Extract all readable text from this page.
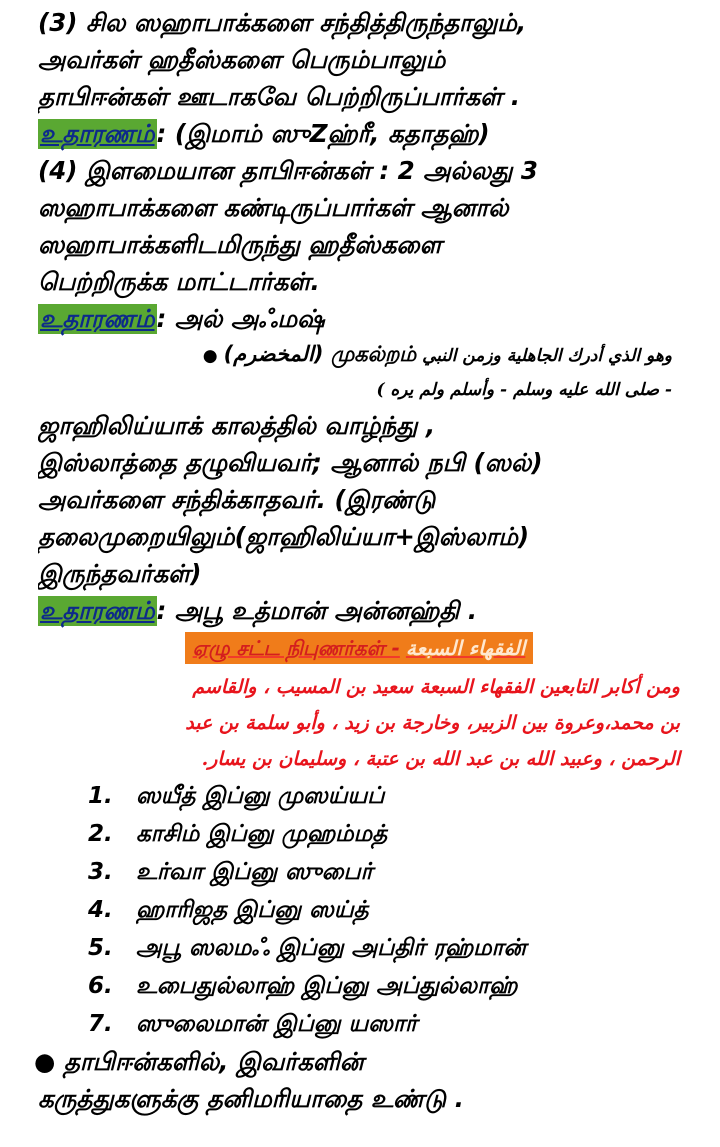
(3) சில ஸஹாபாக்களை சந்தித்திருந்தாலும்,
அவர்கள் ஹதீஸ்களை பெரும்பாலும்
தாபிஈன்கள் ஊடாகவே பெற்றிருப்பார்கள் .
உதாரணம்: (இமாம் ஸுZஹ்ரீ, கதாதஹ்)
(4) இளமையான தாபிஈன்கள் : 2 அல்லது 3
ஸஹாபாக்களை கண்டிருப்பார்கள் ஆனால்
ஸஹாபாக்களிடமிருந்து ஹதீஸ்களை
பெற்றிருக்க மாட்டார்கள்.
உதாரணம்: அல் அஃமஷ்
وهو الذي أدرك الجاهلية وزمن النبي முகல்றம் (المخضرم) ●
- صلى الله عليه وسلم - وأسلم ولم يره )
ஜாஹிலிய்யாக் காலத்தில் வாழ்ந்து ,
இஸ்லாத்தை தழுவியவர்; ஆனால் நபி (ஸல்)
அவர்களை சந்திக்காதவர். (இரண்டு
தலைமுறையிலும்(ஜாஹிலிய்யா+இஸ்லாம்)
இருந்தவர்கள்)
உதாரணம்: அபூ உத்மான் அன்னஹ்தி .
ஏழு சட்ட நிபுணர்கள் - الفقهاء السبعة
ومن أكابر التابعين الفقهاء السبعة سعيد بن المسيب ، والقاسم
بن محمد،وعروة بين الزبير، وخارجة بن زيد ، وأبو سلمة بن عبد
الرحمن ، وعبيد الله بن عبد الله بن عتبة ، وسليمان بن يسار.
1. ஸயீத் இப்னு முஸய்யப்
2. காசிம் இப்னு முஹம்மத்
3. உர்வா இப்னு ஸுபைர்
4. ஹாரிஜத இப்னு ஸய்த்
5. அபூ ஸலமஃ இப்னு அப்திர் ரஹ்மான்
6. உபைதுல்லாஹ் இப்னு அப்துல்லாஹ்
7. ஸுலைமான் இப்னு யஸார்
● தாபிஈன்களில், இவர்களின்
கருத்துகளுக்கு தனிமரியாதை உண்டு .
